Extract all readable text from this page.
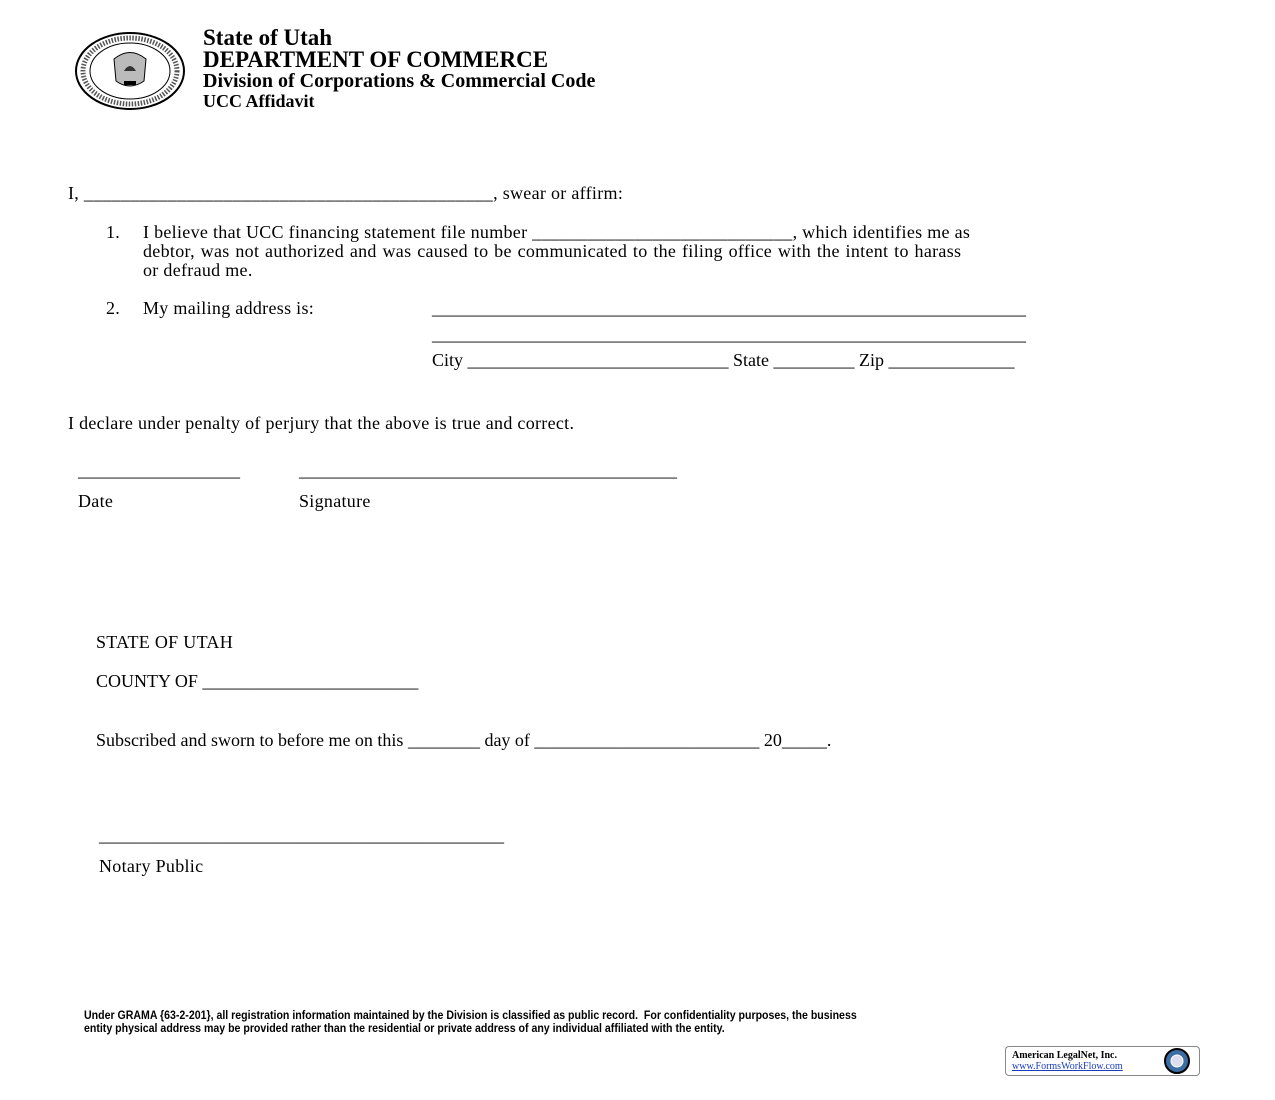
State of Utah
DEPARTMENT OF COMMERCE
Division of Corporations & Commercial Code
UCC Affidavit
I, ____________________________________________, swear or affirm:
1. I believe that UCC financing statement file number ____________________________, which identifies me as
debtor, was not authorized and was caused to be communicated to the filing office with the intent to harass
or defraud me.
2. My mailing address is:	__________________________________________________________________
__________________________________________________________________
City _____________________________ State _________ Zip ______________
I declare under penalty of perjury that the above is true and correct.
__________________	__________________________________________
Date	Signature
STATE OF UTAH
COUNTY OF ________________________
Subscribed and sworn to before me on this ________ day of _________________________ 20_____.
_____________________________________________
Notary Public
Under GRAMA {63-2-201}, all registration information maintained by the Division is classified as public record.  For confidentiality purposes, the business
entity physical address may be provided rather than the residential or private address of any individual affiliated with the entity.
American LegalNet, Inc.
www.FormsWorkFlow.com
